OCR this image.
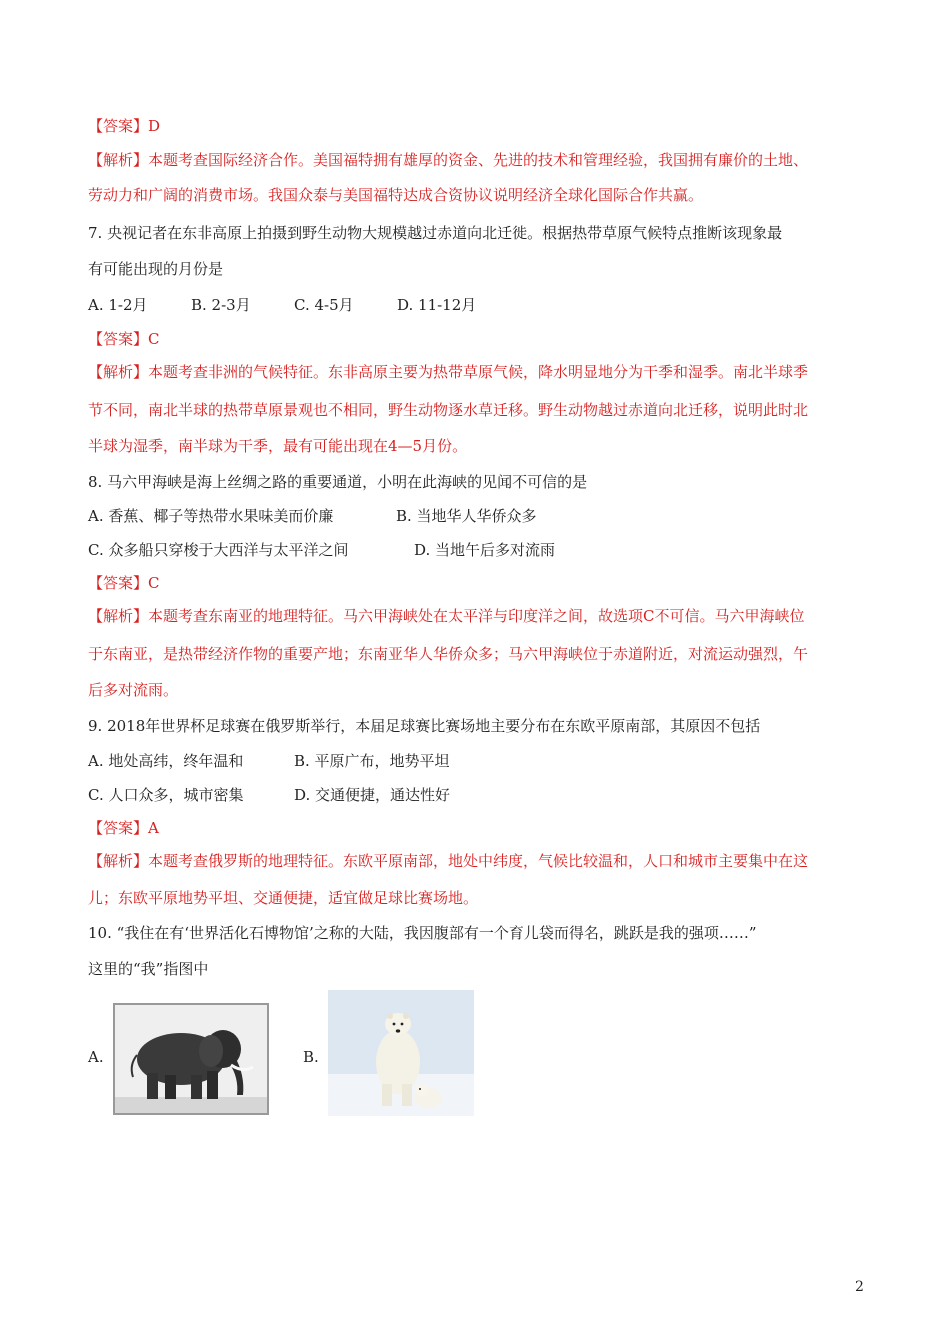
【答案】D
【解析】本题考查国际经济合作。美国福特拥有雄厚的资金、先进的技术和管理经验，我国拥有廉价的土地、
劳动力和广阔的消费市场。我国众泰与美国福特达成合资协议说明经济全球化国际合作共赢。
7. 央视记者在东非高原上拍摄到野生动物大规模越过赤道向北迁徙。根据热带草原气候特点推断该现象最
有可能出现的月份是
A. 1-2月	B. 2-3月	C. 4-5月	D. 11-12月
【答案】C
【解析】本题考查非洲的气候特征。东非高原主要为热带草原气候，降水明显地分为干季和湿季。南北半球季
节不同，南北半球的热带草原景观也不相同，野生动物逐水草迁移。野生动物越过赤道向北迁移，说明此时北
半球为湿季，南半球为干季，最有可能出现在4—5月份。
8. 马六甲海峡是海上丝绸之路的重要通道，小明在此海峡的见闻不可信的是
A. 香蕉、椰子等热带水果味美而价廉	B. 当地华人华侨众多
C. 众多船只穿梭于大西洋与太平洋之间	D. 当地午后多对流雨
【答案】C
【解析】本题考查东南亚的地理特征。马六甲海峡处在太平洋与印度洋之间，故选项C不可信。马六甲海峡位
于东南亚，是热带经济作物的重要产地；东南亚华人华侨众多；马六甲海峡位于赤道附近，对流运动强烈，午
后多对流雨。
9. 2018年世界杯足球赛在俄罗斯举行，本届足球赛比赛场地主要分布在东欧平原南部，其原因不包括
A. 地处高纬，终年温和	B. 平原广布，地势平坦
C. 人口众多，城市密集	D. 交通便捷，通达性好
【答案】A
【解析】本题考查俄罗斯的地理特征。东欧平原南部，地处中纬度，气候比较温和，人口和城市主要集中在这
儿；东欧平原地势平坦、交通便捷，适宜做足球比赛场地。
10. “我住在有‘世界活化石博物馆’之称的大陆，我因腹部有一个育儿袋而得名，跳跃是我的强项……”
这里的“我”指图中
A.	B.
2
